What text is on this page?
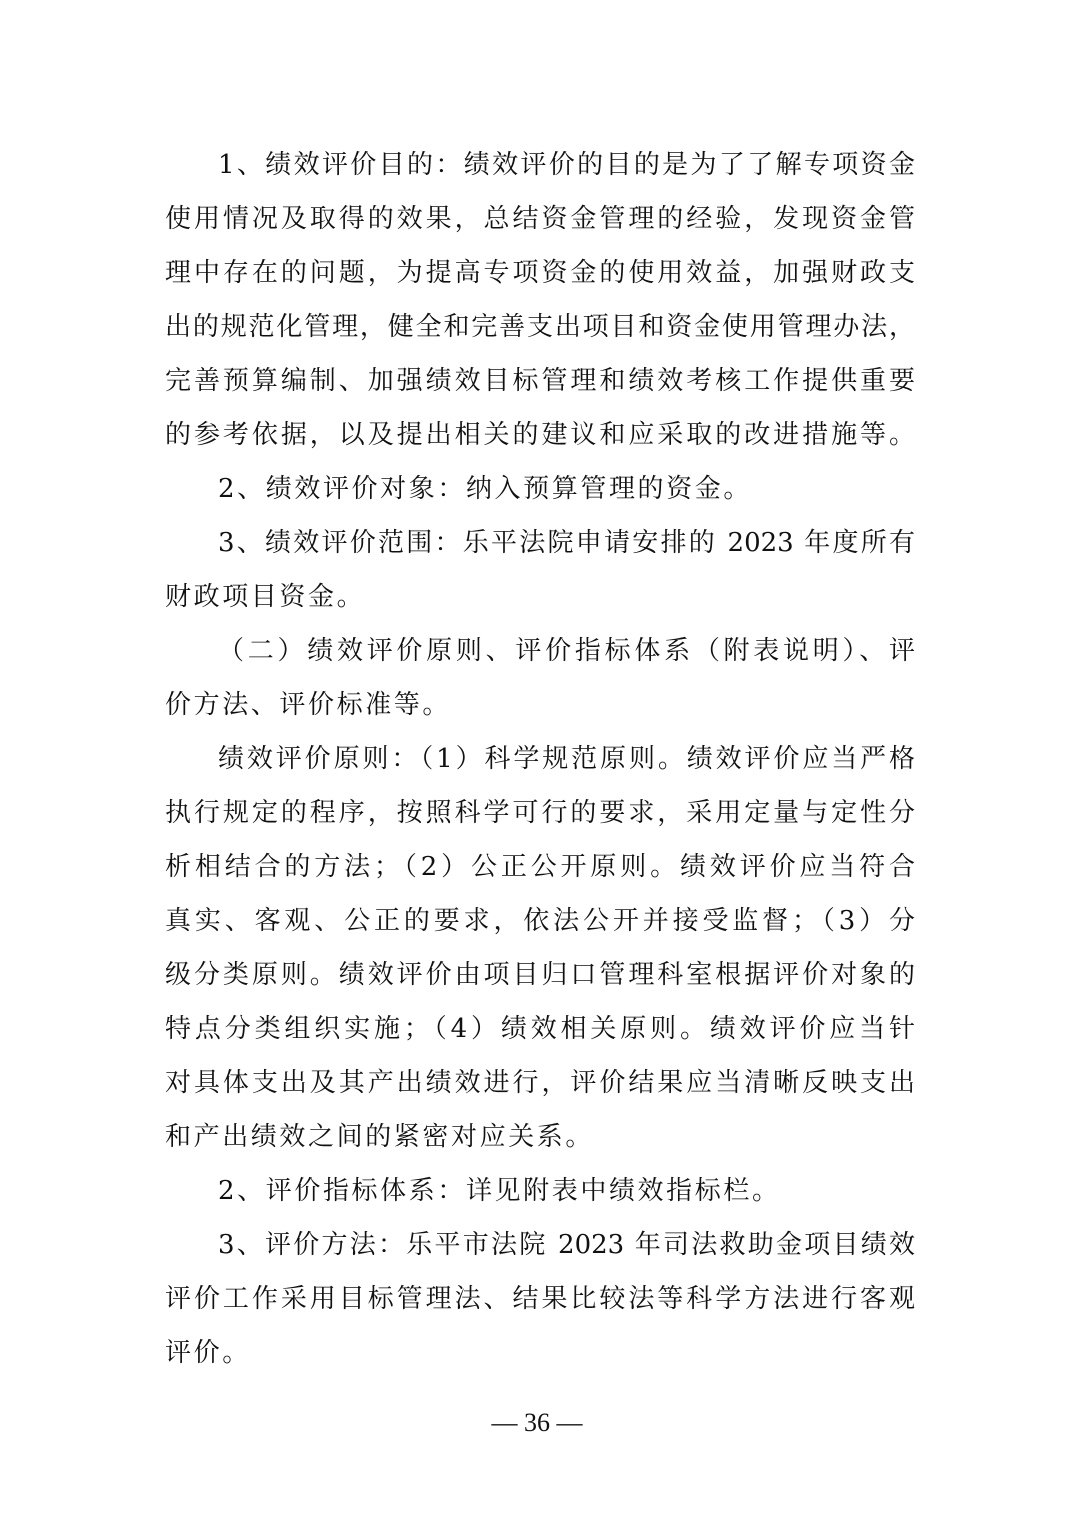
1、绩效评价目的：绩效评价的目的是为了了解专项资金
使用情况及取得的效果，总结资金管理的经验，发现资金管
理中存在的问题，为提高专项资金的使用效益，加强财政支
出的规范化管理，健全和完善支出项目和资金使用管理办法，
完善预算编制、加强绩效目标管理和绩效考核工作提供重要
的参考依据，以及提出相关的建议和应采取的改进措施等。
2、绩效评价对象：纳入预算管理的资金。
3、绩效评价范围：乐平法院申请安排的 2023 年度所有
财政项目资金。
（二）绩效评价原则、评价指标体系（附表说明）、评
价方法、评价标准等。
绩效评价原则：（1）科学规范原则。绩效评价应当严格
执行规定的程序，按照科学可行的要求，采用定量与定性分
析相结合的方法；（2）公正公开原则。绩效评价应当符合
真实、客观、公正的要求，依法公开并接受监督；（3）分
级分类原则。绩效评价由项目归口管理科室根据评价对象的
特点分类组织实施；（4）绩效相关原则。绩效评价应当针
对具体支出及其产出绩效进行，评价结果应当清晰反映支出
和产出绩效之间的紧密对应关系。
2、评价指标体系：详见附表中绩效指标栏。
3、评价方法：乐平市法院 2023 年司法救助金项目绩效
评价工作采用目标管理法、结果比较法等科学方法进行客观
评价。
— 36 —
